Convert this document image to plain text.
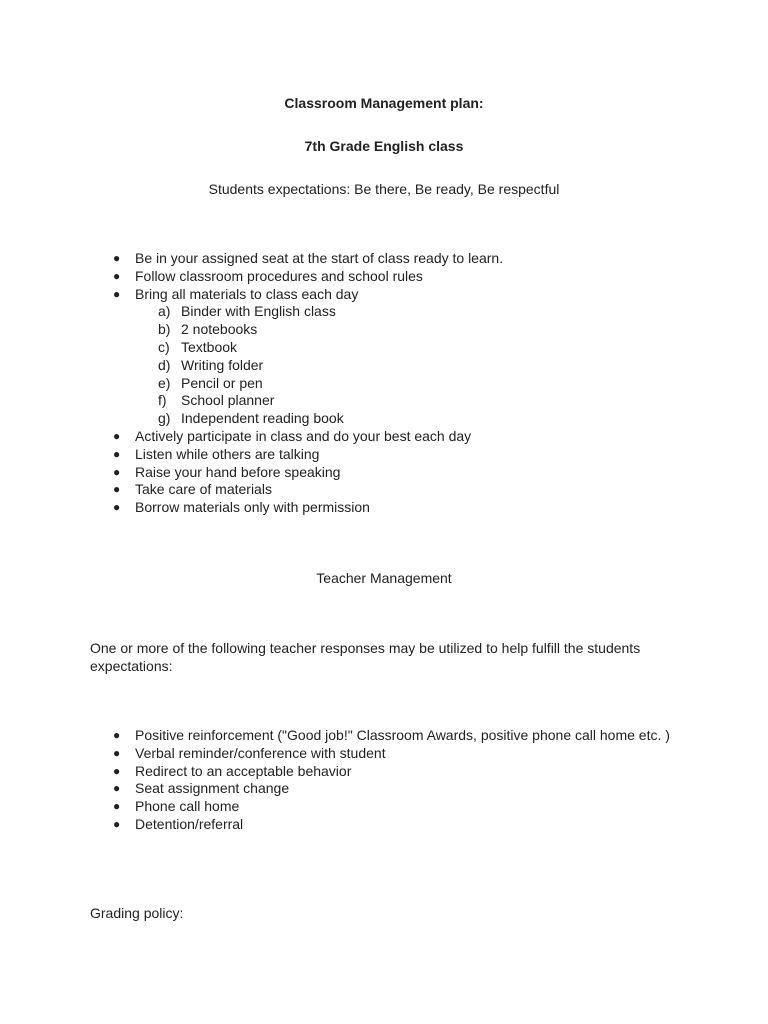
Classroom Management plan:
7th Grade English class
Students expectations: Be there, Be ready, Be respectful
● Be in your assigned seat at the start of class ready to learn.
● Follow classroom procedures and school rules
● Bring all materials to class each day
a) Binder with English class
b) 2 notebooks
c) Textbook
d) Writing folder
e) Pencil or pen
f) School planner
g) Independent reading book
● Actively participate in class and do your best each day
● Listen while others are talking
● Raise your hand before speaking
● Take care of materials
● Borrow materials only with permission
Teacher Management
One or more of the following teacher responses may be utilized to help fulfill the students expectations:
● Positive reinforcement ("Good job!" Classroom Awards, positive phone call home etc. )
● Verbal reminder/conference with student
● Redirect to an acceptable behavior
● Seat assignment change
● Phone call home
● Detention/referral
Grading policy:
